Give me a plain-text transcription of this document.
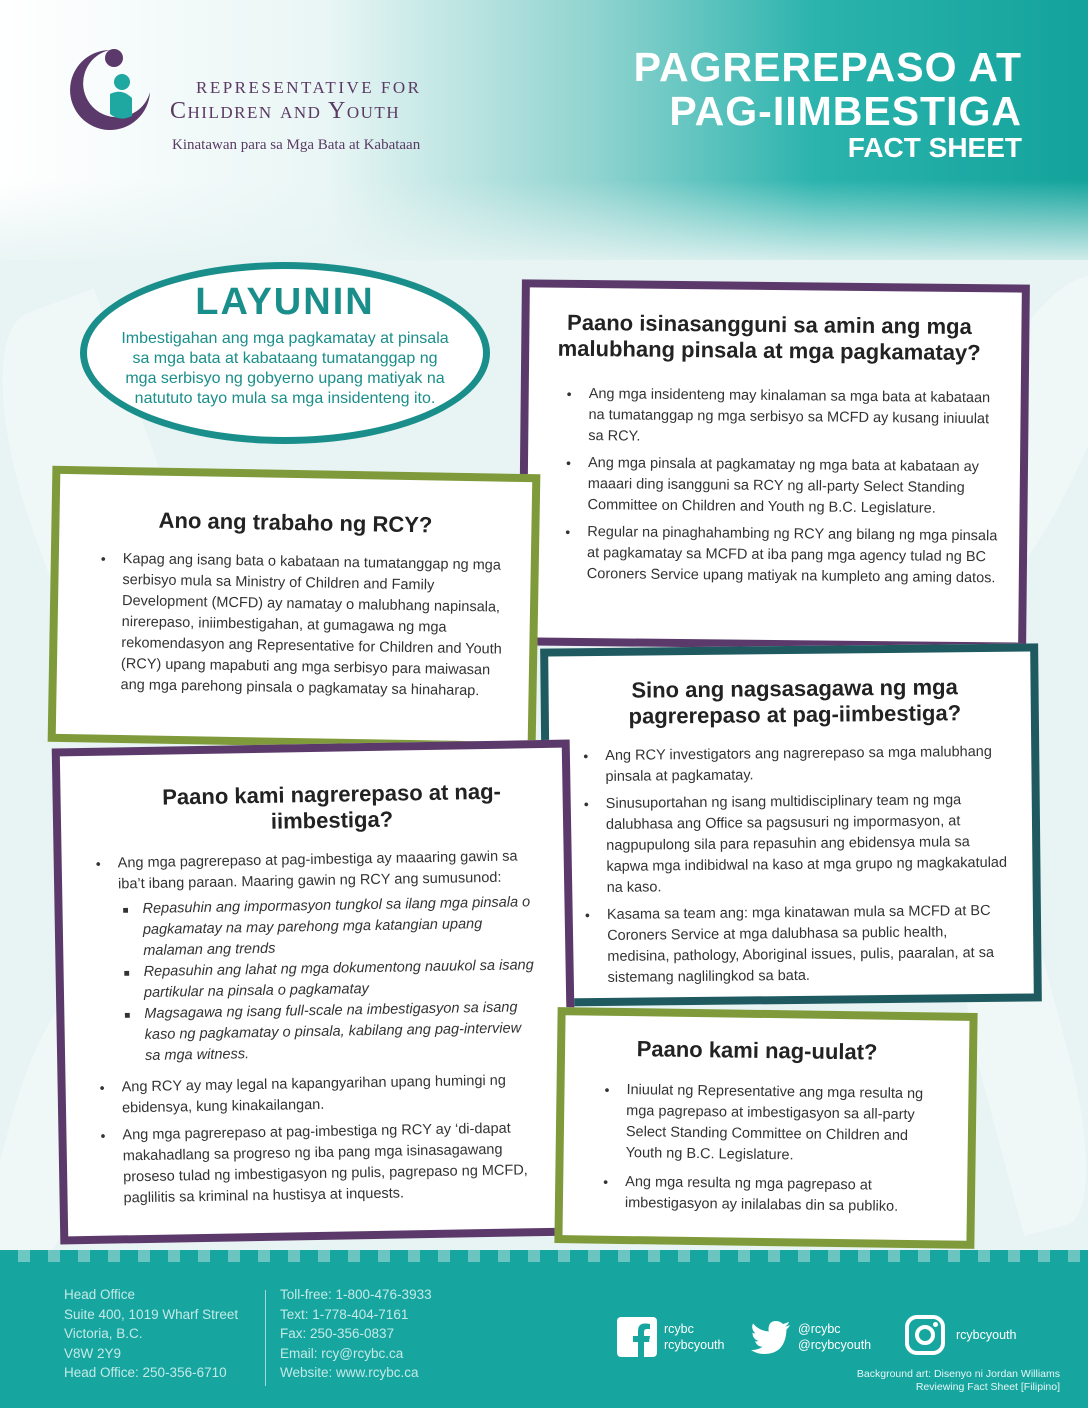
REPRESENTATIVE FOR
Children and Youth
Kinatawan para sa Mga Bata at Kabataan
PAGREREPASO AT
PAG-IIMBESTIGA
FACT SHEET
LAYUNIN
Imbestigahan ang mga pagkamatay at pinsala sa mga bata at kabataang tumatanggap ng mga serbisyo ng gobyerno upang matiyak na natututo tayo mula sa mga insidenteng ito.
Paano isinasangguni sa amin ang mga malubhang pinsala at mga pagkamatay?
• Ang mga insidenteng may kinalaman sa mga bata at kabataan na tumatanggap ng mga serbisyo sa MCFD ay kusang iniuulat sa RCY.
• Ang mga pinsala at pagkamatay ng mga bata at kabataan ay maaari ding isangguni sa RCY ng all-party Select Standing Committee on Children and Youth ng B.C. Legislature.
• Regular na pinaghahambing ng RCY ang bilang ng mga pinsala at pagkamatay sa MCFD at iba pang mga agency tulad ng BC Coroners Service upang matiyak na kumpleto ang aming datos.
Ano ang trabaho ng RCY?
• Kapag ang isang bata o kabataan na tumatanggap ng mga serbisyo mula sa Ministry of Children and Family Development (MCFD) ay namatay o malubhang napinsala, nirerepaso, iniimbestigahan, at gumagawa ng mga rekomendasyon ang Representative for Children and Youth (RCY) upang mapabuti ang mga serbisyo para maiwasan ang mga parehong pinsala o pagkamatay sa hinaharap.	Sino ang nagsasagawa ng mga pagrerepaso at pag-iimbestiga?
• Ang RCY investigators ang nagrerepaso sa mga malubhang pinsala at pagkamatay.
• Sinusuportahan ng isang multidisciplinary team ng mga dalubhasa ang Office sa pagsusuri ng impormasyon, at nagpupulong sila para repasuhin ang ebidensya mula sa kapwa mga indibidwal na kaso at mga grupo ng magkakatulad na kaso.
• Kasama sa team ang: mga kinatawan mula sa MCFD at BC Coroners Service at mga dalubhasa sa public health, medisina, pathology, Aboriginal issues, pulis, paaralan, at sa sistemang naglilingkod sa bata.
Paano kami nagrerepaso at nag-iimbestiga?
• Ang mga pagrerepaso at pag-imbestiga ay maaaring gawin sa iba’t ibang paraan. Maaring gawin ng RCY ang sumusunod:
■ Repasuhin ang impormasyon tungkol sa ilang mga pinsala o pagkamatay na may parehong mga katangian upang malaman ang trends
■ Repasuhin ang lahat ng mga dokumentong nauukol sa isang partikular na pinsala o pagkamatay
■ Magsagawa ng isang full-scale na imbestigasyon sa isang kaso ng pagkamatay o pinsala, kabilang ang pag-interview sa mga witness.
• Ang RCY ay may legal na kapangyarihan upang humingi ng ebidensya, kung kinakailangan.
• Ang mga pagrerepaso at pag-imbestiga ng RCY ay ‘di-dapat makahadlang sa progreso ng iba pang mga isinasagawang proseso tulad ng imbestigasyon ng pulis, pagrepaso ng MCFD, paglilitis sa kriminal na hustisya at inquests.
Paano kami nag-uulat?
• Iniuulat ng Representative ang mga resulta ng mga pagrepaso at imbestigasyon sa all-party Select Standing Committee on Children and Youth ng B.C. Legislature.
• Ang mga resulta ng mga pagrepaso at imbestigasyon ay inilalabas din sa publiko.
Head Office
Suite 400, 1019 Wharf Street
Victoria, B.C.
V8W 2Y9
Head Office: 250-356-6710
Toll-free: 1-800-476-3933
Text: 1-778-404-7161
Fax: 250-356-0837
Email: rcy@rcybc.ca
Website: www.rcybc.ca
rcybc
rcybcyouth
@rcybc
@rcybcyouth
rcybcyouth
Background art: Disenyo ni Jordan Williams
Reviewing Fact Sheet [Filipino]
